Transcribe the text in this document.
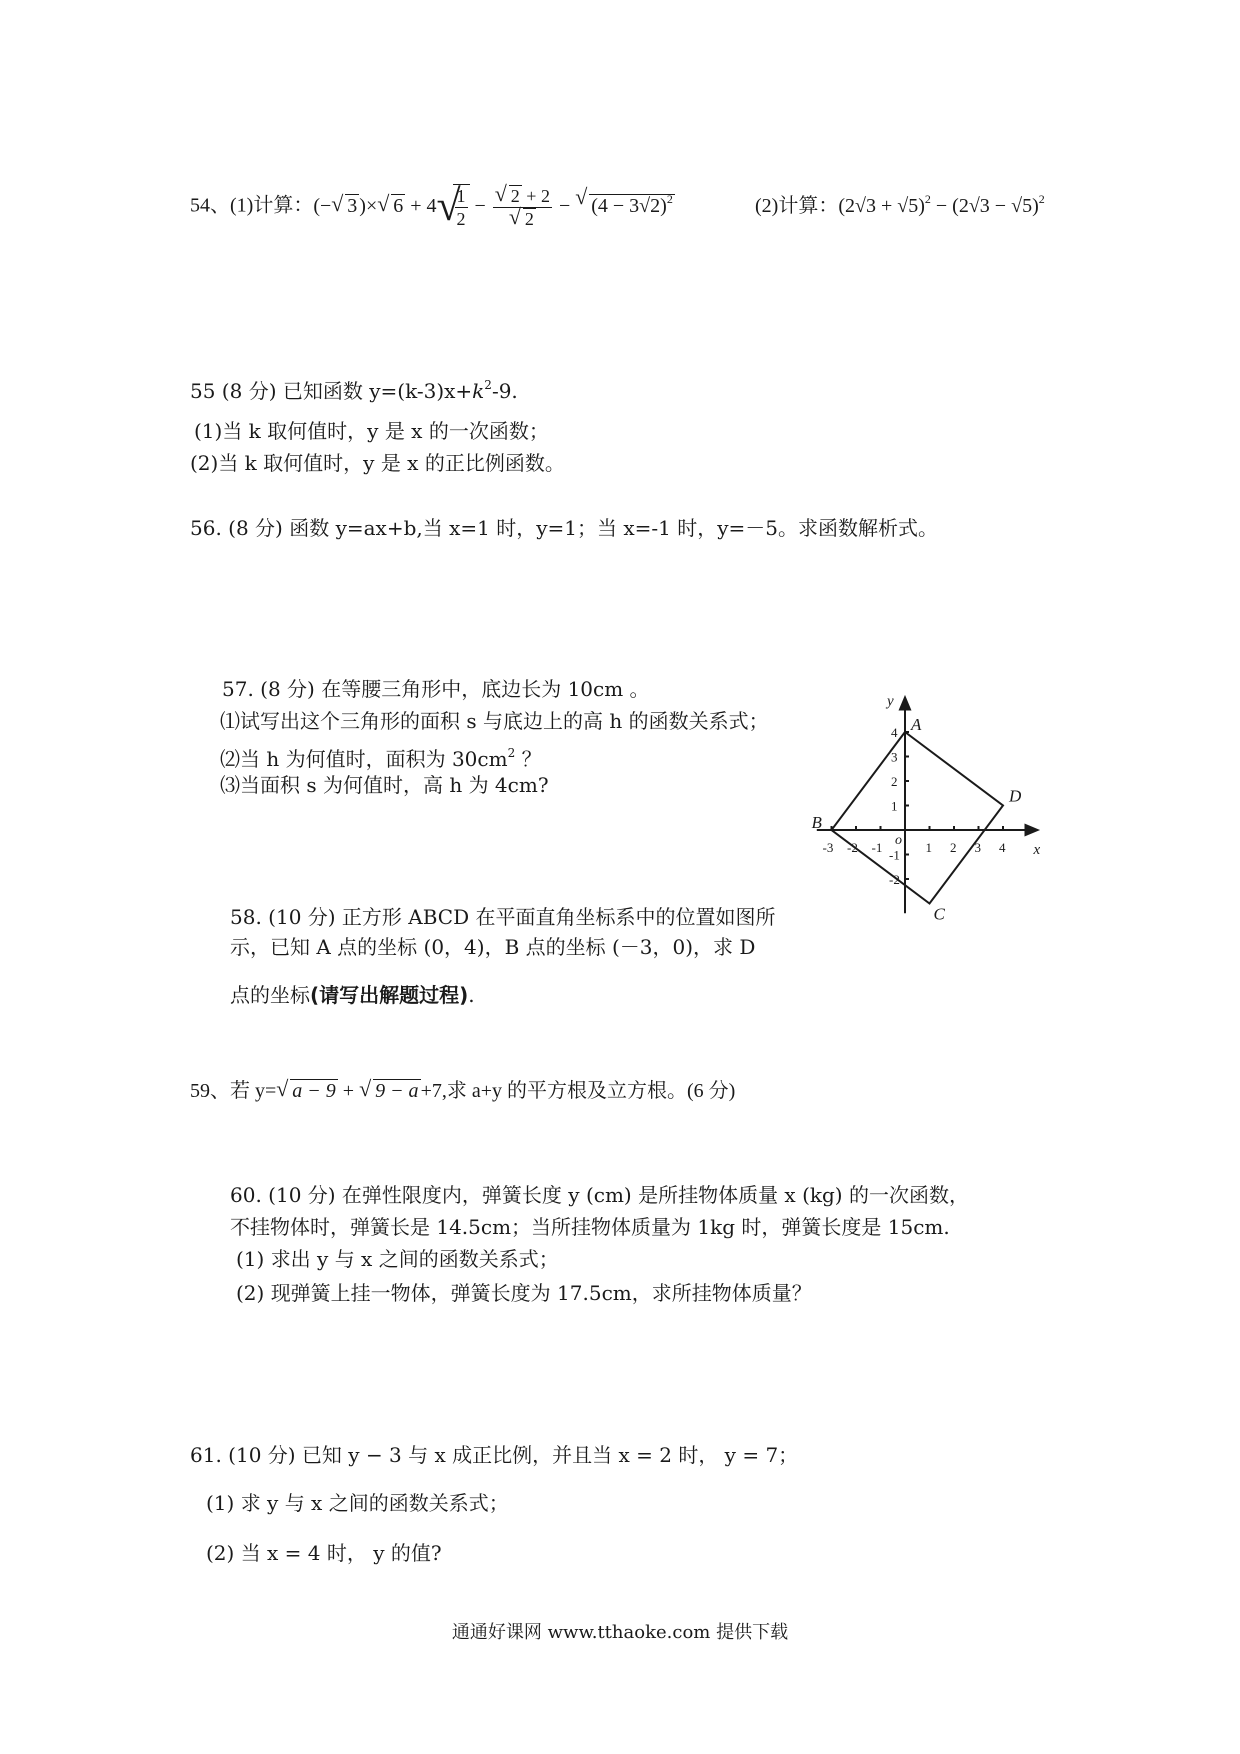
54、(1)计算：(− √ 3 )× √ 6 + 4 √ $\frac{1}{2}$ − √ 2 + 2
√ 2 − √ $(4 - 3√2)^2$	(2)计算：$(2√3 + √5)^2 - (2√3 - √5)^2$
55 (8 分) 已知函数 $y=(k-3)x+k^2-9$.
(1)当 k 取何值时，y 是 x 的一次函数；
(2)当 k 取何值时，y 是 x 的正比例函数。
56. (8 分) 函数 y=ax+b,当 x=1 时，y=1；当 x=-1 时，y=－5。求函数解析式。
57. (8 分) 在等腰三角形中，底边长为 10cm 。
⑴试写出这个三角形的面积 s 与底边上的高 h 的函数关系式；
⑵当 h 为何值时，面积为 $30cm^2$ ？
⑶当面积 s 为何值时，高 h 为 4cm?
58. (10 分) 正方形 ABCD 在平面直角坐标系中的位置如图所
示，已知 A 点的坐标 (0，4)，B 点的坐标 (－3，0)，求 D
点的坐标(请写出解题过程).
-3 -2 -1	1 2 3 4
4
3
2
1
-1
-2
o
x
y
A
B
C
D
59、若 y= √ a − 9 + √ 9 − a +7,求 a+y 的平方根及立方根。(6 分)
60. (10 分) 在弹性限度内，弹簧长度 y (cm) 是所挂物体质量 x (kg) 的一次函数，
不挂物体时，弹簧长是 14.5cm；当所挂物体质量为 1kg 时，弹簧长度是 15cm.
(1) 求出 y 与 x 之间的函数关系式；
(2) 现弹簧上挂一物体，弹簧长度为 17.5cm，求所挂物体质量？
61. (10 分) 已知 y − 3 与 x 成正比例，并且当 x = 2 时， y = 7；
(1) 求 y 与 x 之间的函数关系式；
(2) 当 x = 4 时， y 的值?
通通好课网 www.tthaoke.com 提供下载
